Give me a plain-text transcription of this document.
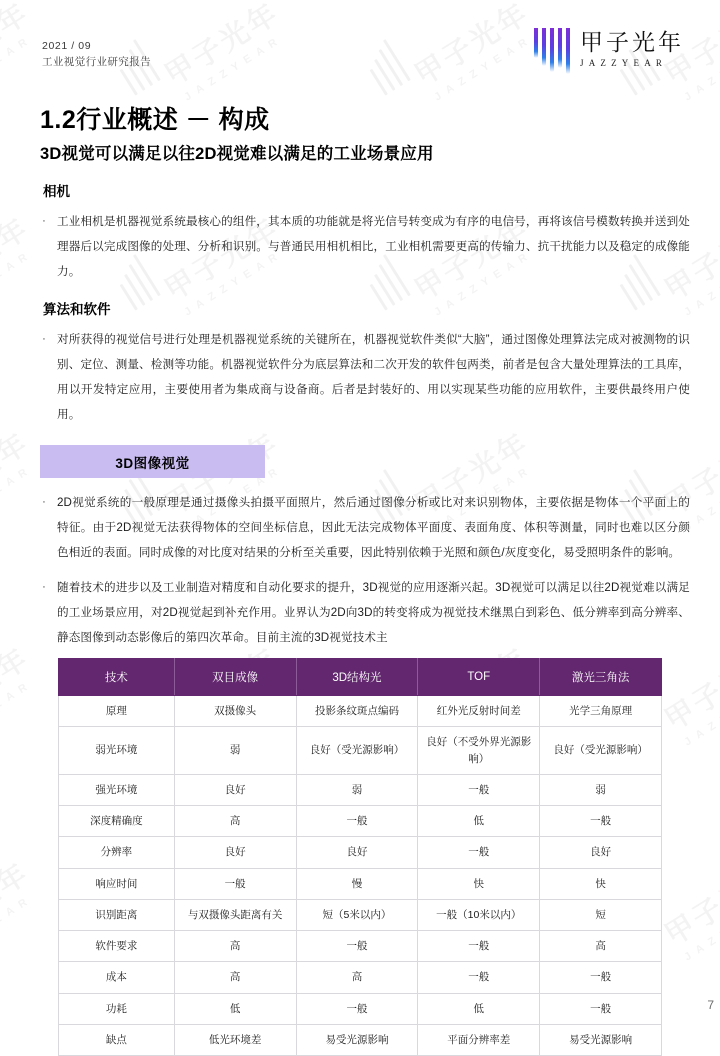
2021 / 09
工业视觉行业研究报告
甲子光年
JAZZYEAR
1.2行业概述 － 构成
3D视觉可以满足以往2D视觉难以满足的工业场景应用
相机
· 工业相机是机器视觉系统最核心的组件，其本质的功能就是将光信号转变成为有序的电信号，再将该信号模数转换并送到处理器后以完成图像的处理、分析和识别。与普通民用相机相比，工业相机需要更高的传输力、抗干扰能力以及稳定的成像能力。
算法和软件
· 对所获得的视觉信号进行处理是机器视觉系统的关键所在，机器视觉软件类似“大脑”，通过图像处理算法完成对被测物的识别、定位、测量、检测等功能。机器视觉软件分为底层算法和二次开发的软件包两类，前者是包含大量处理算法的工具库，用以开发特定应用，主要使用者为集成商与设备商。后者是封装好的、用以实现某些功能的应用软件，主要供最终用户使用。
3D图像视觉
· 2D视觉系统的一般原理是通过摄像头拍摄平面照片，然后通过图像分析或比对来识别物体，主要依据是物体一个平面上的特征。由于2D视觉无法获得物体的空间坐标信息，因此无法完成物体平面度、表面角度、体积等测量，同时也难以区分颜色相近的表面。同时成像的对比度对结果的分析至关重要，因此特别依赖于光照和颜色/灰度变化，易受照明条件的影响。
· 随着技术的进步以及工业制造对精度和自动化要求的提升，3D视觉的应用逐渐兴起。3D视觉可以满足以往2D视觉难以满足的工业场景应用，对2D视觉起到补充作用。业界认为2D向3D的转变将成为视觉技术继黑白到彩色、低分辨率到高分辨率、静态图像到动态影像后的第四次革命。目前主流的3D视觉技术主
技术	双目成像	3D结构光	TOF	激光三角法
原理	双摄像头	投影条纹斑点编码	红外光反射时间差	光学三角原理
弱光环境	弱	良好（受光源影响）	良好（不受外界光源影响）	良好（受光源影响）
强光环境	良好	弱	一般	弱
深度精确度	高	一般	低	一般
分辨率	良好	良好	一般	良好
响应时间	一般	慢	快	快
识别距离	与双摄像头距离有关	短（5米以内）	一般（10米以内）	短
软件要求	高	一般	一般	高
成本	高	高	一般	一般
功耗	低	一般	低	一般
缺点	低光环境差	易受光源影响	平面分辨率差	易受光源影响
7
